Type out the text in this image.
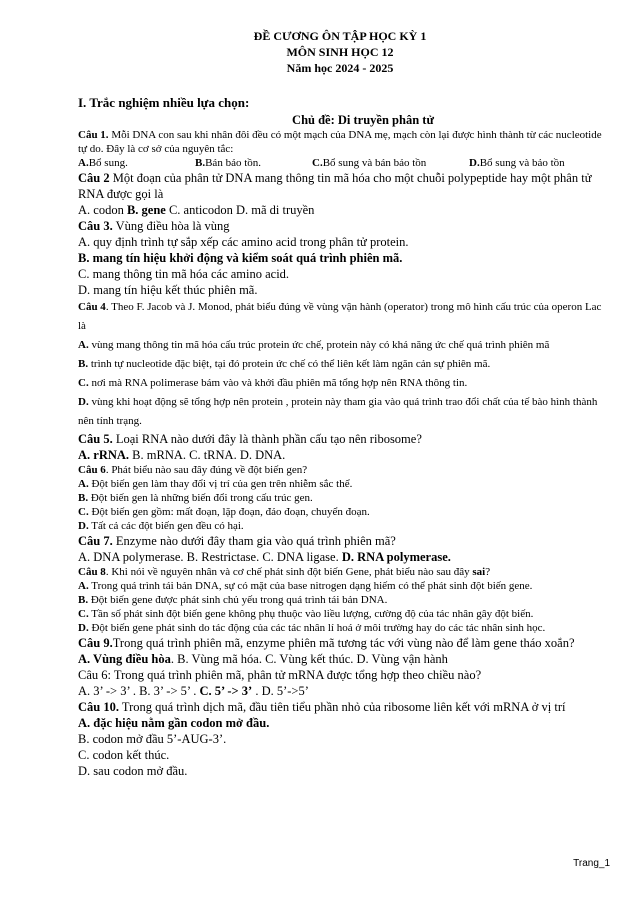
ĐỀ CƯƠNG ÔN TẬP HỌC KỲ 1
MÔN SINH HỌC 12
Năm học 2024 - 2025
I. Trắc nghiệm nhiều lựa chọn:
Chủ đề: Di truyền phân tử

Câu 1. Mỗi DNA con sau khi nhân đôi đều có một mạch của DNA mẹ, mạch còn lại được hình thành từ các nucleotide tự do. Đây là cơ sở của nguyên tắc:

A.Bổ sung.	B.Bán bảo tồn.	C.Bổ sung và bán bảo tồn	D.Bổ sung và bảo tồn

Câu 2 Một đoạn của phân tử DNA mang thông tin mã hóa cho một chuỗi polypeptide hay một phân tử RNA được gọi là

A. codon B. gene C. anticodon D. mã di truyền

Câu 3. Vùng điều hòa là vùng

A. quy định trình tự sắp xếp các amino acid trong phân tử protein.

B. mang tín hiệu khởi động và kiểm soát quá trình phiên mã.

C. mang thông tin mã hóa các amino acid.

D. mang tín hiệu kết thúc phiên mã.

Câu 4. Theo F. Jacob và J. Monod, phát biểu đúng về vùng vận hành (operator) trong mô hình cấu trúc của operon Lac là

A. vùng mang thông tin mã hóa cấu trúc protein ức chế, protein này có khả năng ức chế quá trình phiên mã

B. trình tự nucleotide đặc biệt, tại đó protein ức chế có thể liên kết làm ngăn cản sự phiên mã.

C. nơi mà RNA polimerase bám vào và khởi đầu phiên mã tổng hợp nên RNA thông tin.

D. vùng khi hoạt động sẽ tổng hợp nên protein , protein này tham gia vào quá trình trao đổi chất của tế bào hình thành nên tính trạng.

Câu 5. Loại RNA nào dưới đây là thành phần cấu tạo nên ribosome?

A. rRNA. B. mRNA. C. tRNA. D. DNA.

Câu 6. Phát biểu nào sau đây đúng về đột biến gen?

A. Đột biến gen làm thay đổi vị trí của gen trên nhiễm sắc thể.

B. Đột biến gen là những biến đổi trong cấu trúc gen.

C. Đột biến gen gồm: mất đoạn, lặp đoạn, đảo đoạn, chuyển đoạn.

D. Tất cả các đột biến gen đều có hại.

Câu 7. Enzyme nào dưới đây tham gia vào quá trình phiên mã?

A. DNA polymerase. B. Restrictase. C. DNA ligase. D. RNA polymerase.

Câu 8. Khi nói về nguyên nhân và cơ chế phát sinh đột biến Gene, phát biểu nào sau đây sai?

A. Trong quá trình tái bản DNA, sự có mặt của base nitrogen dạng hiếm có thể phát sinh đột biến gene.

B. Đột biến gene được phát sinh chủ yếu trong quá trình tái bản DNA.

C. Tần số phát sinh đột biến gene không phụ thuộc vào liều lượng, cường độ của tác nhân gây đột biến.

D. Đột biến gene phát sinh do tác động của các tác nhân lí hoá ở môi trường hay do các tác nhân sinh học.

Câu 9.Trong quá trình phiên mã, enzyme phiên mã tương tác với vùng nào để làm gene tháo xoắn?

A. Vùng điều hòa. B. Vùng mã hóa. C. Vùng kết thúc. D. Vùng vận hành

Câu 6: Trong quá trình phiên mã, phân tử mRNA được tổng hợp theo chiều nào?

A. 3’ -> 3’ . B. 3’ -> 5’ . C. 5’ -> 3’ . D. 5’->5’

Câu 10. Trong quá trình dịch mã, đầu tiên tiểu phần nhỏ của ribosome liên kết với mRNA ở vị trí

A. đặc hiệu nằm gần codon mở đầu.

B. codon mở đầu 5’-AUG-3’.

C. codon kết thúc.

D. sau codon mở đầu.

Trang_1
